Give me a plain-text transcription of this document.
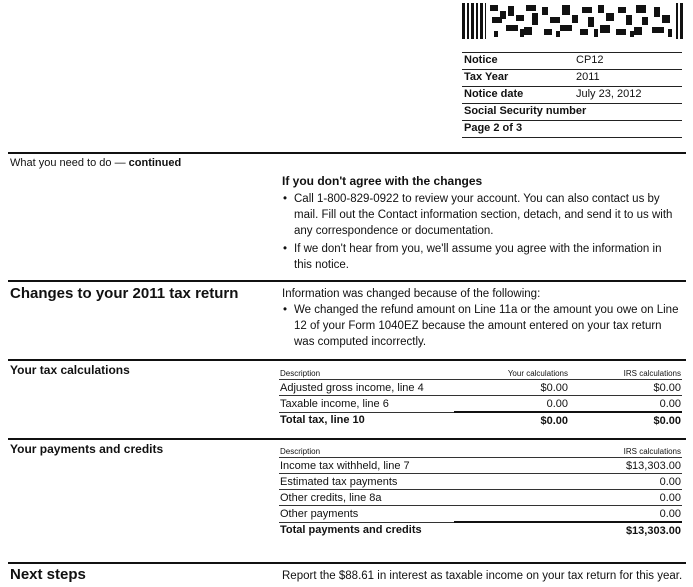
Notice	CP12
Tax Year	2011
Notice date	July 23, 2012
Social Security number
Page 2 of 3
What you need to do — continued
If you don't agree with the changes
• Call 1-800-829-0922 to review your account. You can also contact us by mail. Fill out the Contact information section, detach, and send it to us with any correspondence or documentation.
• If we don't hear from you, we'll assume you agree with the information in this notice.
Changes to your 2011 tax return	Information was changed because of the following:
• We changed the refund amount on Line 11a or the amount you owe on Line 12 of your Form 1040EZ because the amount entered on your tax return was computed incorrectly.
Your tax calculations	Description	Your calculations	IRS calculations
Adjusted gross income, line 4	$0.00	$0.00
Taxable income, line 6	0.00	0.00
Total tax, line 10	$0.00	$0.00
Your payments and credits	Description		IRS calculations
Income tax withheld, line 7		$13,303.00
Estimated tax payments		0.00
Other credits, line 8a		0.00
Other payments		0.00
Total payments and credits		$13,303.00
Next steps	Report the $88.61 in interest as taxable income on your tax return for this year.
